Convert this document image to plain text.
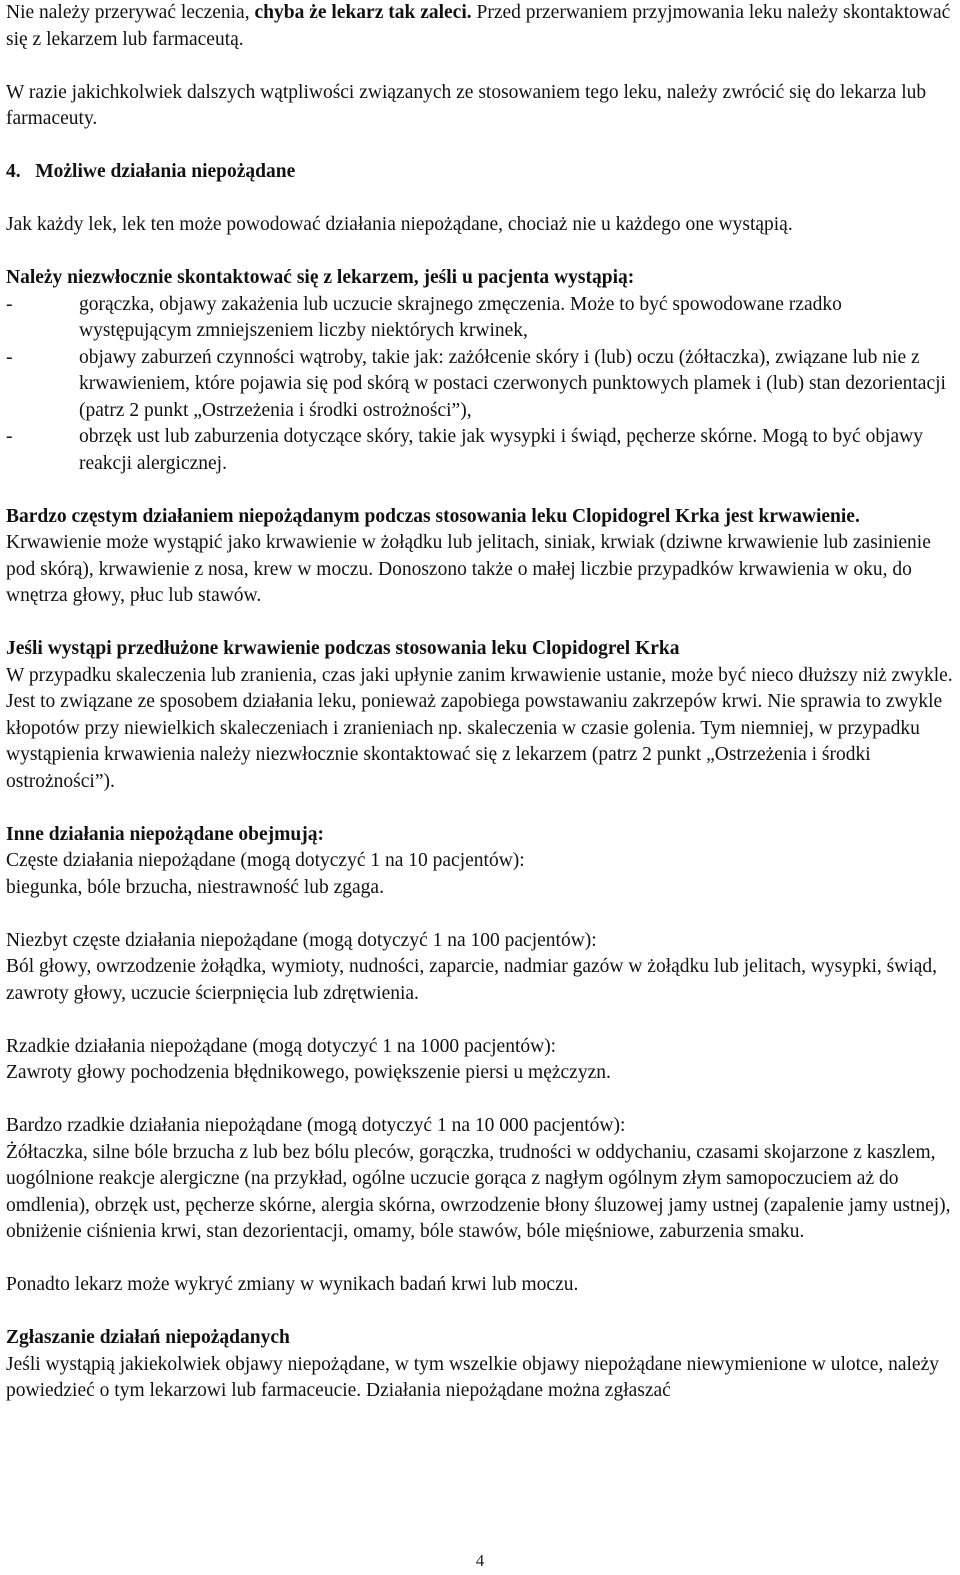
Nie należy przerywać leczenia, chyba że lekarz tak zaleci. Przed przerwaniem przyjmowania leku należy skontaktować się z lekarzem lub farmaceutą.

W razie jakichkolwiek dalszych wątpliwości związanych ze stosowaniem tego leku, należy zwrócić się do lekarza lub farmaceuty.

4.   Możliwe działania niepożądane

Jak każdy lek, lek ten może powodować działania niepożądane, chociaż nie u każdego one wystąpią.

Należy niezwłocznie skontaktować się z lekarzem, jeśli u pacjenta wystąpią:

-	gorączka, objawy zakażenia lub uczucie skrajnego zmęczenia. Może to być spowodowane rzadko występującym zmniejszeniem liczby niektórych krwinek,
-	objawy zaburzeń czynności wątroby, takie jak: zażółcenie skóry i (lub) oczu (żółtaczka), związane lub nie z krwawieniem, które pojawia się pod skórą w postaci czerwonych punktowych plamek i (lub) stan dezorientacji (patrz 2 punkt „Ostrzeżenia i środki ostrożności”),
-	obrzęk ust lub zaburzenia dotyczące skóry, takie jak wysypki i świąd, pęcherze skórne. Mogą to być objawy reakcji alergicznej.

Bardzo częstym działaniem niepożądanym podczas stosowania leku Clopidogrel Krka jest krwawienie.

Krwawienie może wystąpić jako krwawienie w żołądku lub jelitach, siniak, krwiak (dziwne krwawienie lub zasinienie pod skórą), krwawienie z nosa, krew w moczu. Donoszono także o małej liczbie przypadków krwawienia w oku, do wnętrza głowy, płuc lub stawów.

Jeśli wystąpi przedłużone krwawienie podczas stosowania leku Clopidogrel Krka

W przypadku skaleczenia lub zranienia, czas jaki upłynie zanim krwawienie ustanie, może być nieco dłuższy niż zwykle. Jest to związane ze sposobem działania leku, ponieważ zapobiega powstawaniu zakrzepów krwi. Nie sprawia to zwykle kłopotów przy niewielkich skaleczeniach i zranieniach np. skaleczenia w czasie golenia. Tym niemniej, w przypadku wystąpienia krwawienia należy niezwłocznie skontaktować się z lekarzem (patrz 2 punkt „Ostrzeżenia i środki ostrożności”).

Inne działania niepożądane obejmują:

Częste działania niepożądane (mogą dotyczyć 1 na 10 pacjentów):

biegunka, bóle brzucha, niestrawność lub zgaga.

Niezbyt częste działania niepożądane (mogą dotyczyć 1 na 100 pacjentów):

Ból głowy, owrzodzenie żołądka, wymioty, nudności, zaparcie, nadmiar gazów w żołądku lub jelitach, wysypki, świąd, zawroty głowy, uczucie ścierpnięcia lub zdrętwienia.

Rzadkie działania niepożądane (mogą dotyczyć 1 na 1000 pacjentów):

Zawroty głowy pochodzenia błędnikowego, powiększenie piersi u mężczyzn.

Bardzo rzadkie działania niepożądane (mogą dotyczyć 1 na 10 000 pacjentów):

Żółtaczka, silne bóle brzucha z lub bez bólu pleców, gorączka, trudności w oddychaniu, czasami skojarzone z kaszlem, uogólnione reakcje alergiczne (na przykład, ogólne uczucie gorąca z nagłym ogólnym złym samopoczuciem aż do omdlenia), obrzęk ust, pęcherze skórne, alergia skórna, owrzodzenie błony śluzowej jamy ustnej (zapalenie jamy ustnej), obniżenie ciśnienia krwi, stan dezorientacji, omamy, bóle stawów, bóle mięśniowe, zaburzenia smaku.

Ponadto lekarz może wykryć zmiany w wynikach badań krwi lub moczu.

Zgłaszanie działań niepożądanych

Jeśli wystąpią jakiekolwiek objawy niepożądane, w tym wszelkie objawy niepożądane niewymienione w ulotce, należy powiedzieć o tym lekarzowi lub farmaceucie. Działania niepożądane można zgłaszać

4
